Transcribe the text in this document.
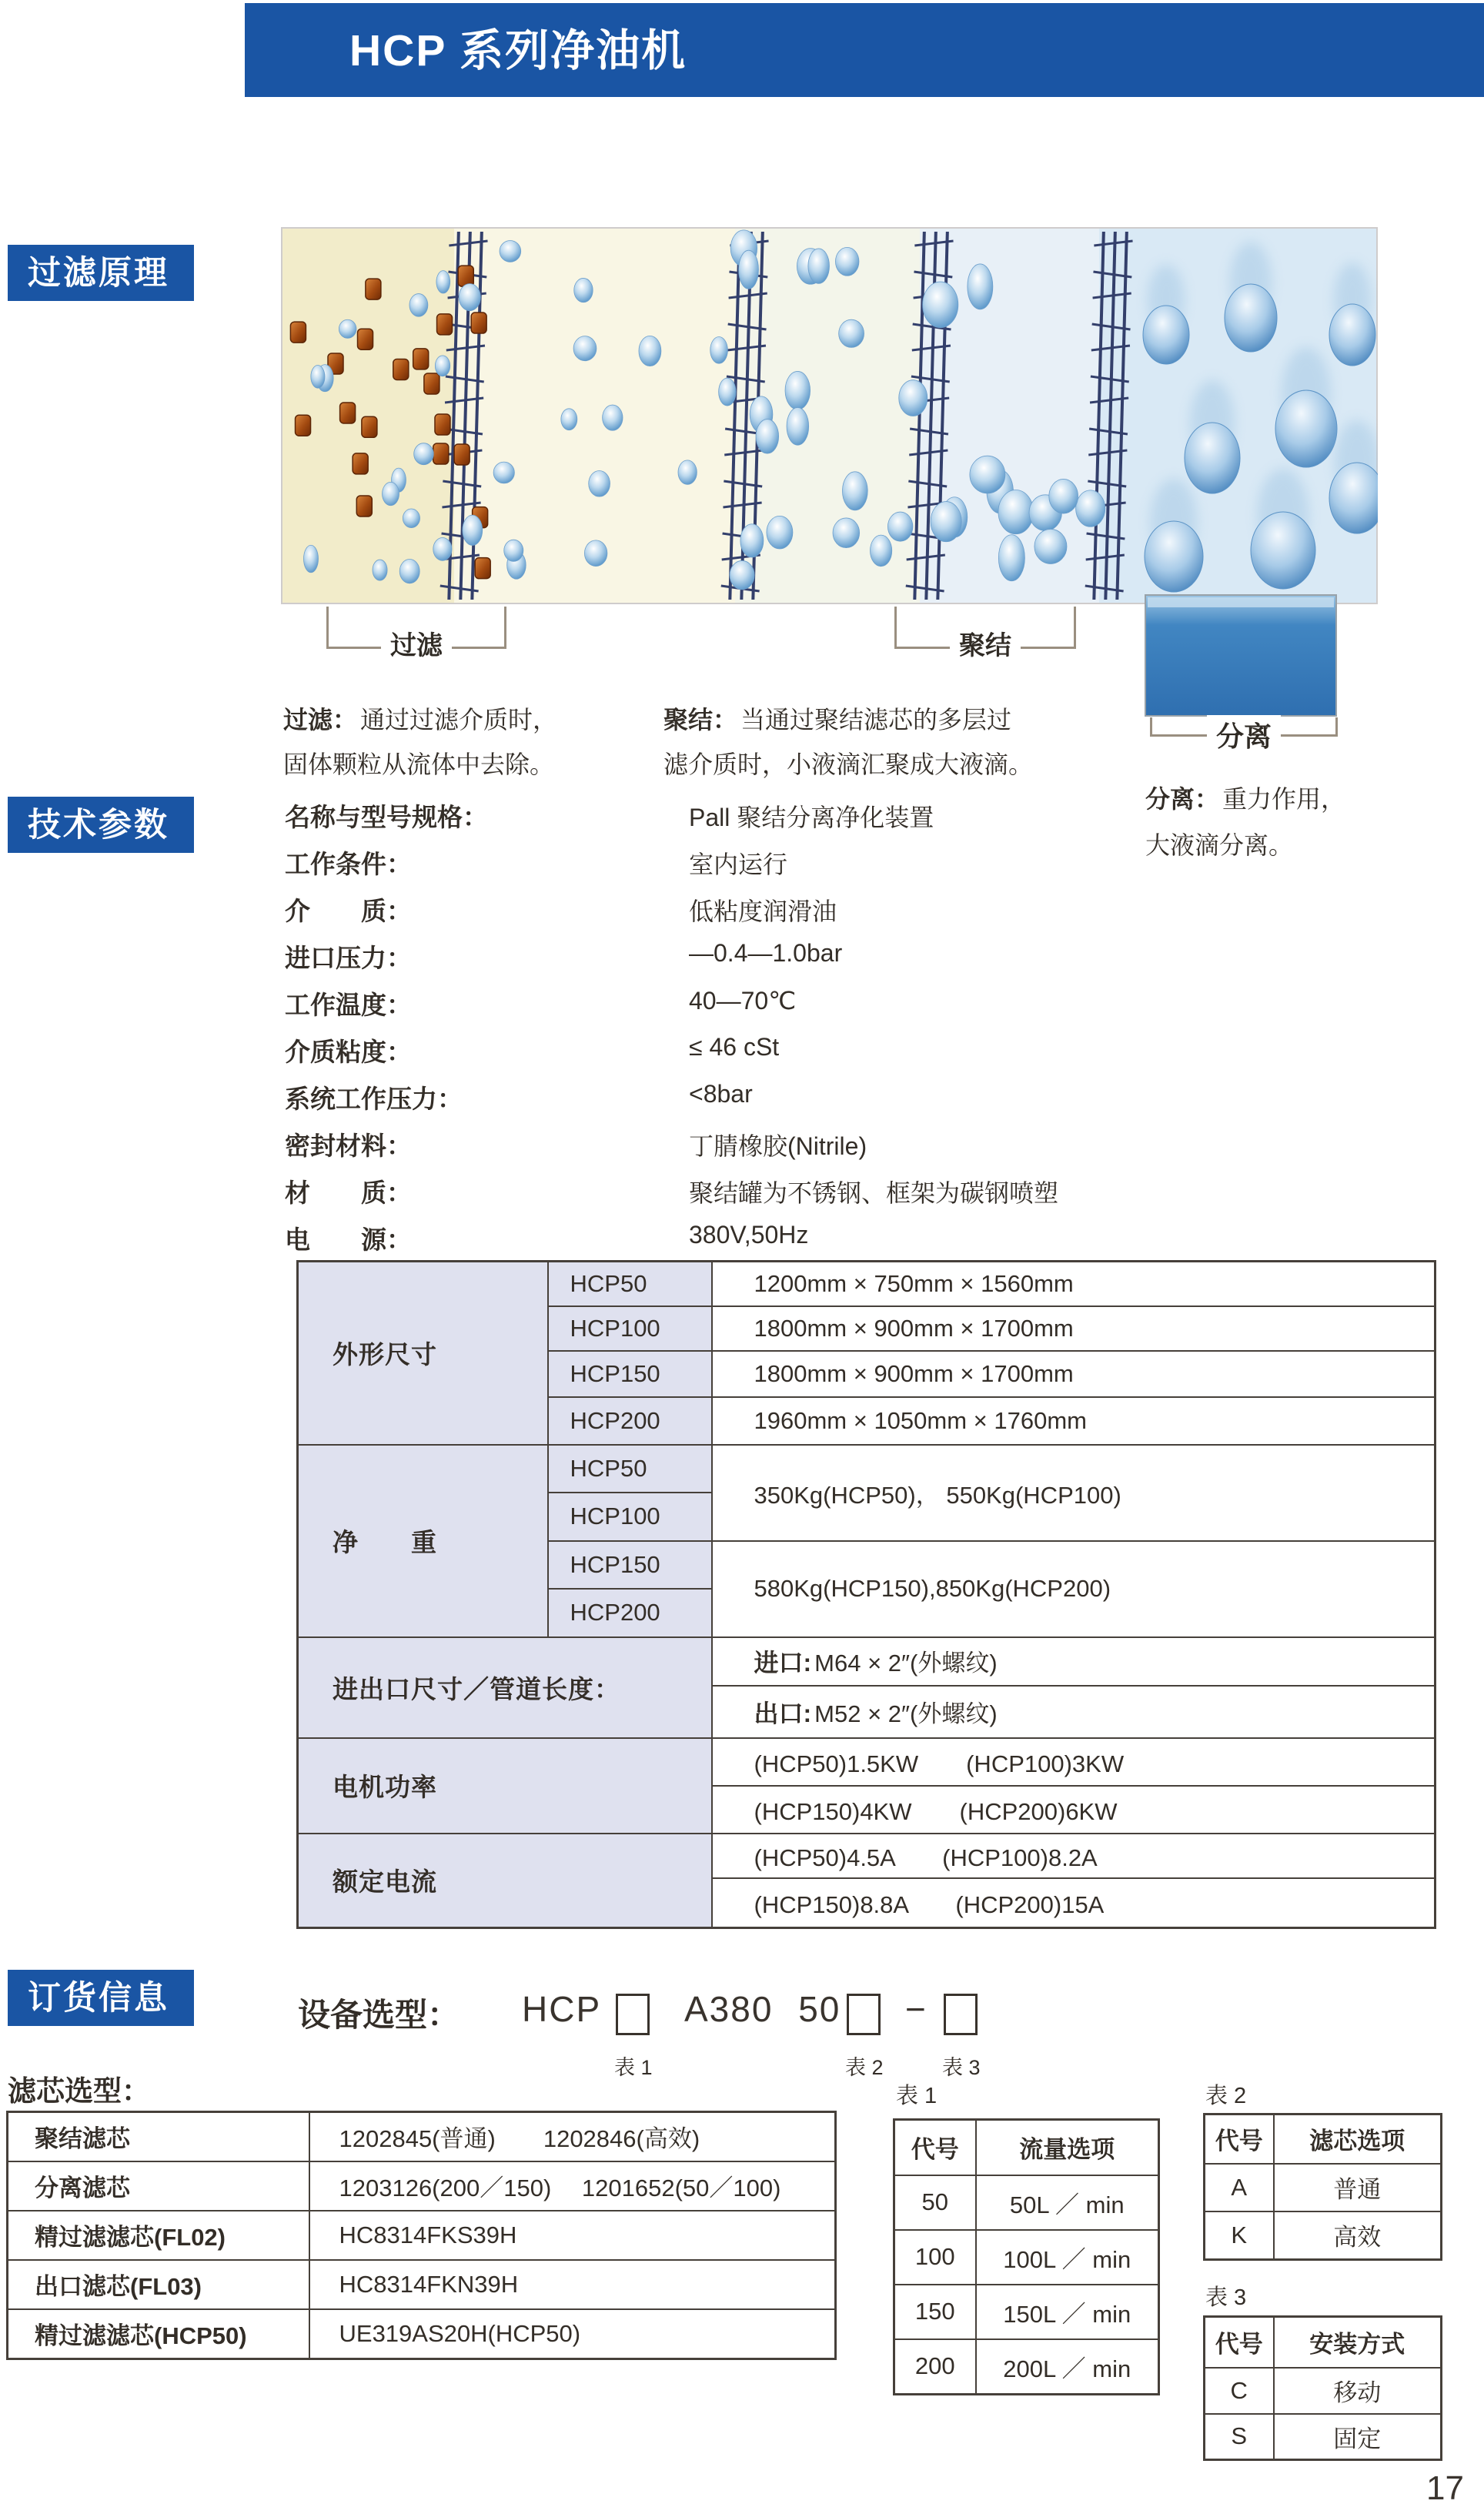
HCP 系列净油机
过滤原理
技术参数
订货信息
过滤	聚结
分离
过滤： 通过过滤介质时，
固体颗粒从流体中去除。
聚结： 当通过聚结滤芯的多层过
滤介质时，小液滴汇聚成大液滴。
分离： 重力作用，
大液滴分离。
名称与型号规格：	Pall 聚结分离净化装置
工作条件：	室内运行
介　　质：	低粘度润滑油
进口压力：	—0.4—1.0bar
工作温度：	40—70℃
介质粘度：	≤ 46 cSt
系统工作压力：	<8bar
密封材料：	丁腈橡胶(Nitrile)
材　　质：	聚结罐为不锈钢、框架为碳钢喷塑
电　　源：	380V,50Hz
外形尺寸	HCP50	1200mm × 750mm × 1560mm
	HCP100	1800mm × 900mm × 1700mm
	HCP150	1800mm × 900mm × 1700mm
	HCP200	1960mm × 1050mm × 1760mm
净　　重	HCP50	350Kg(HCP50)， 550Kg(HCP100)
	HCP100	
	HCP150	580Kg(HCP150),850Kg(HCP200)
	HCP200	
进出口尺寸／管道长度：		进口: M64 × 2″(外螺纹)
		出口: M52 × 2″(外螺纹)
电机功率		(HCP50)1.5KW　　(HCP100)3KW
		(HCP150)4KW　　(HCP200)6KW
额定电流		(HCP50)4.5A　　(HCP100)8.2A
		(HCP150)8.8A　　(HCP200)15A
设备选型： HCP A380 50 −
表 1	表 2	表 3
滤芯选型：
聚结滤芯	1202845(普通)　　1202846(高效)
分离滤芯	1203126(200／150)　 1201652(50／100)
精过滤滤芯(FL02)	HC8314FKS39H
出口滤芯(FL03)	HC8314FKN39H
精过滤滤芯(HCP50)	UE319AS20H(HCP50)
表 1
代号	流量选项
50	50L ／ min
100	100L ／ min
150	150L ／ min
200	200L ／ min
表 2
代号	滤芯选项
A	普通
K	高效
表 3
代号	安装方式
C	移动
S	固定
17
